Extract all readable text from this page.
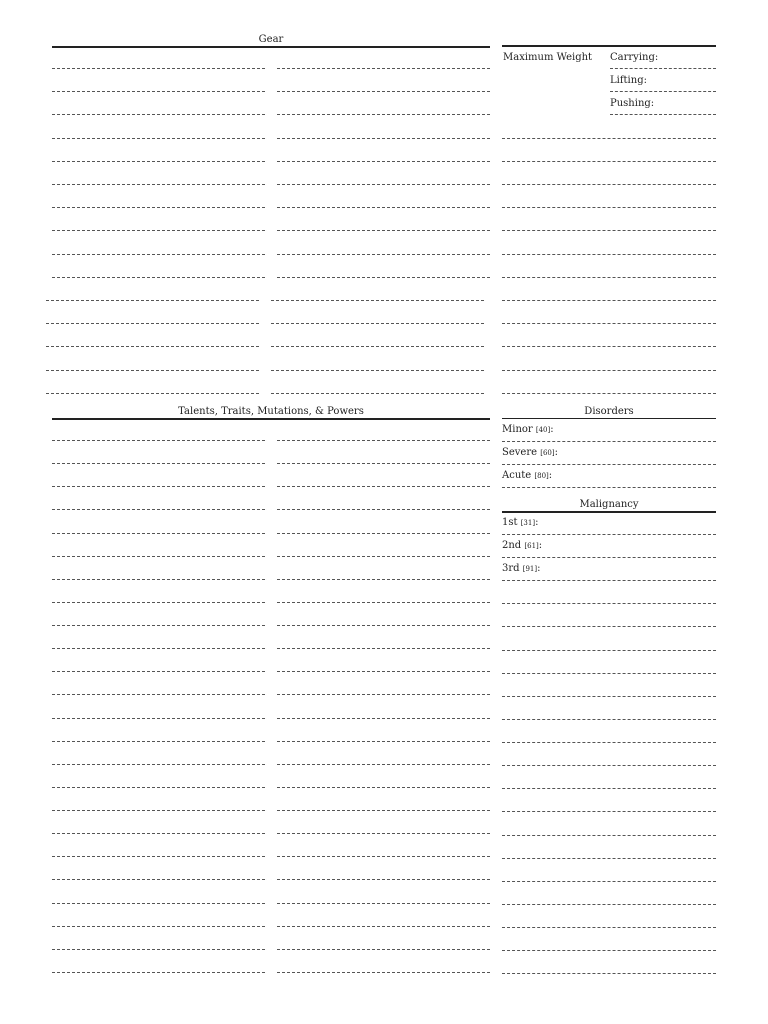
Gear
Talents, Traits, Mutations, & Powers	Disorders
Malignancy
Maximum Weight Carrying:
Lifting:
Pushing:
Minor [40]:
Severe [60]:
Acute [80]:
1st [31]:
2nd [61]:
3rd [91]:
